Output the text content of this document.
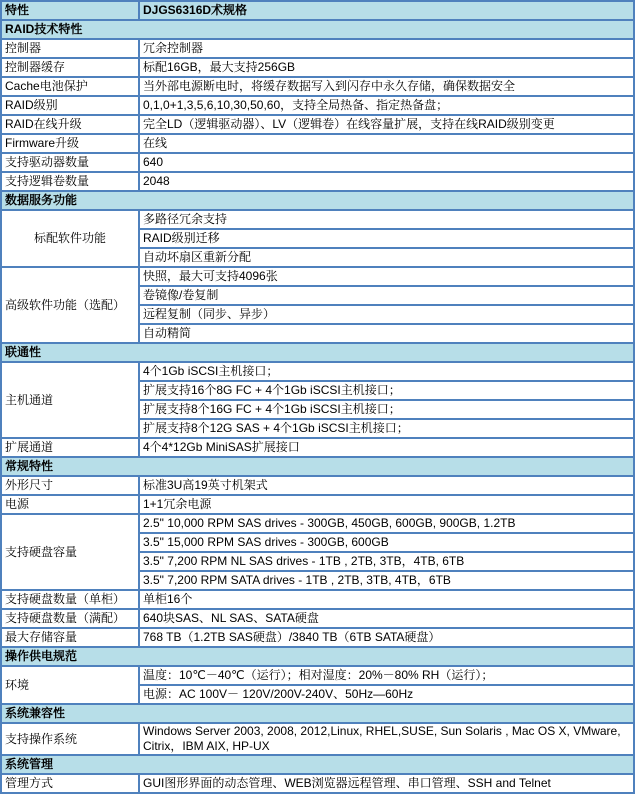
特性	DJGS6316D术规格
RAID技术特性	
控制器	冗余控制器
控制器缓存	标配16GB，最大支持256GB
Cache电池保护	当外部电源断电时，将缓存数据写入到闪存中永久存储，确保数据安全
RAID级别	0,1,0+1,3,5,6,10,30,50,60，支持全局热备、指定热备盘；
RAID在线升级	完全LD（逻辑驱动器）、LV（逻辑卷）在线容量扩展，支持在线RAID级别变更
Firmware升级	在线
支持驱动器数量	640
支持逻辑卷数量	2048
数据服务功能	
标配软件功能	多路径冗余支持
	RAID级别迁移
	自动坏扇区重新分配
高级软件功能（选配）	快照，最大可支持4096张
	卷镜像/卷复制
	远程复制（同步、异步）
	自动精简
联通性	
主机通道	4个1Gb iSCSI主机接口；
	扩展支持16个8G FC + 4个1Gb iSCSI主机接口；
	扩展支持8个16G FC + 4个1Gb iSCSI主机接口；
	扩展支持8个12G SAS + 4个1Gb iSCSI主机接口；
扩展通道	4个4*12Gb MiniSAS扩展接口
常规特性	
外形尺寸	标准3U高19英寸机架式
电源	1+1冗余电源
支持硬盘容量	2.5" 10,000 RPM SAS drives - 300GB, 450GB, 600GB, 900GB, 1.2TB
	3.5" 15,000 RPM SAS drives - 300GB, 600GB
	3.5" 7,200 RPM NL SAS drives - 1TB , 2TB, 3TB，4TB, 6TB
	3.5" 7,200 RPM SATA drives - 1TB , 2TB, 3TB, 4TB，6TB
支持硬盘数量（单柜）	单柜16个
支持硬盘数量（满配）	640块SAS、NL SAS、SATA硬盘
最大存储容量	768 TB（1.2TB SAS硬盘）/3840 TB（6TB SATA硬盘）
操作供电规范	
环境	温度：10℃－40℃（运行）；相对湿度：20%－80% RH（运行）；
	电源：AC 100V－ 120V/200V-240V、50Hz—60Hz
系统兼容性	
支持操作系统	Windows Server 2003, 2008, 2012,Linux, RHEL,SUSE, Sun Solaris , Mac OS X, VMware, Citrix，IBM AIX, HP-UX
系统管理	
管理方式	GUI图形界面的动态管理、WEB浏览器远程管理、串口管理、SSH and Telnet
